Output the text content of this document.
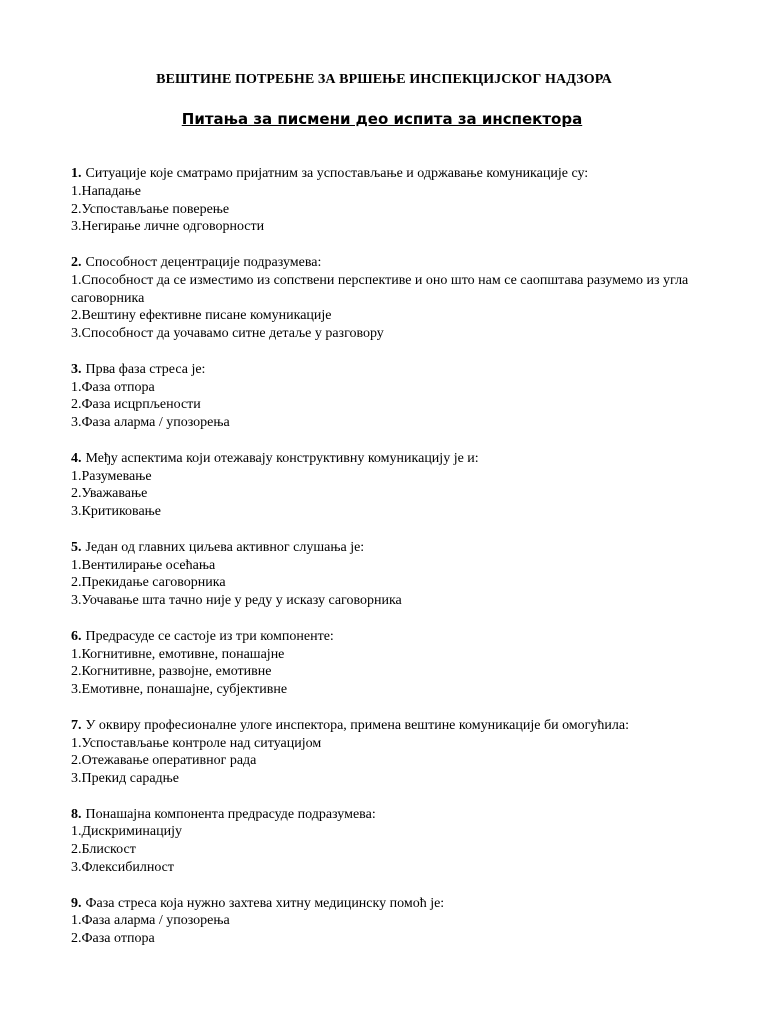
ВЕШТИНЕ ПОТРЕБНЕ ЗА ВРШЕЊЕ ИНСПЕКЦИЈСКОГ НАДЗОРА
Питања за писмени део испита за инспектора
1. Ситуације које сматрамо пријатним за успостављање и одржавање комуникације су:
1.Нападање
2.Успостављање поверење
3.Негирање личне одговорности
2. Способност децентрације подразумева:
1.Способност да се изместимо из сопствени перспективе и оно што нам се саопштава разумемо из угла саговорника
2.Вештину ефективне писане комуникације
3.Способност да уочавамо ситне детаље у разговору
3. Прва фаза стреса је:
1.Фаза отпора
2.Фаза исцрпљености
3.Фаза аларма / упозорења
4. Међу аспектима који отежавају конструктивну комуникацију је и:
1.Разумевање
2.Уважавање
3.Критиковање
5. Један од главних циљева активног слушања је:
1.Вентилирање осећања
2.Прекидање саговорника
3.Уочавање шта тачно није у реду у исказу саговорника
6. Предрасуде се састоје из три компоненте:
1.Когнитивне, емотивне, понашајне
2.Когнитивне, развојне, емотивне
3.Емотивне, понашајне, субјективне
7. У оквиру професионалне улоге инспектора, примена вештине комуникације би омогућила:
1.Успостављање контроле над ситуацијом
2.Отежавање оперативног рада
3.Прекид сарадње
8. Понашајна компонента предрасуде подразумева:
1.Дискриминацију
2.Блискост
3.Флексибилност
9. Фаза стреса која нужно захтева хитну медицинску помоћ је:
1.Фаза аларма / упозорења
2.Фаза отпора
